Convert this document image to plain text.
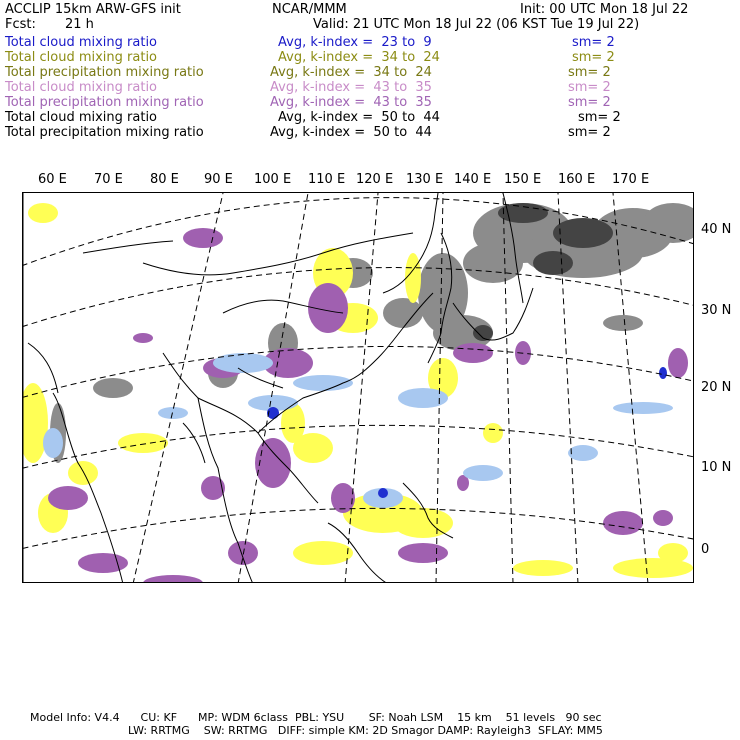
ACCLIP 15km ARW-GFS init	NCAR/MMM	Init: 00 UTC Mon 18 Jul 22
Fcst: 21 h	Valid: 21 UTC Mon 18 Jul 22 (06 KST Tue 19 Jul 22)
Total cloud mixing ratio	Avg, k-index =  23 to  9	sm= 2
Total cloud mixing ratio	Avg, k-index =  34 to  24	sm= 2
Total precipitation mixing ratio	Avg, k-index =  34 to  24	sm= 2
Total cloud mixing ratio	Avg, k-index =  43 to  35	sm= 2
Total precipitation mixing ratio	Avg, k-index =  43 to  35	sm= 2
Total cloud mixing ratio	Avg, k-index =  50 to  44	sm= 2
Total precipitation mixing ratio	Avg, k-index =  50 to  44	sm= 2
60 E 70 E 80 E 90 E 100 E 110 E 120 E 130 E 140 E 150 E 160 E 170 E
40 N
30 N
20 N
10 N
0
Model Info: V4.4      CU: KF      MP: WDM 6class  PBL: YSU       SF: Noah LSM    15 km    51 levels   90 sec
LW: RRTMG    SW: RRTMG   DIFF: simple KM: 2D Smagor DAMP: Rayleigh3  SFLAY: MM5
